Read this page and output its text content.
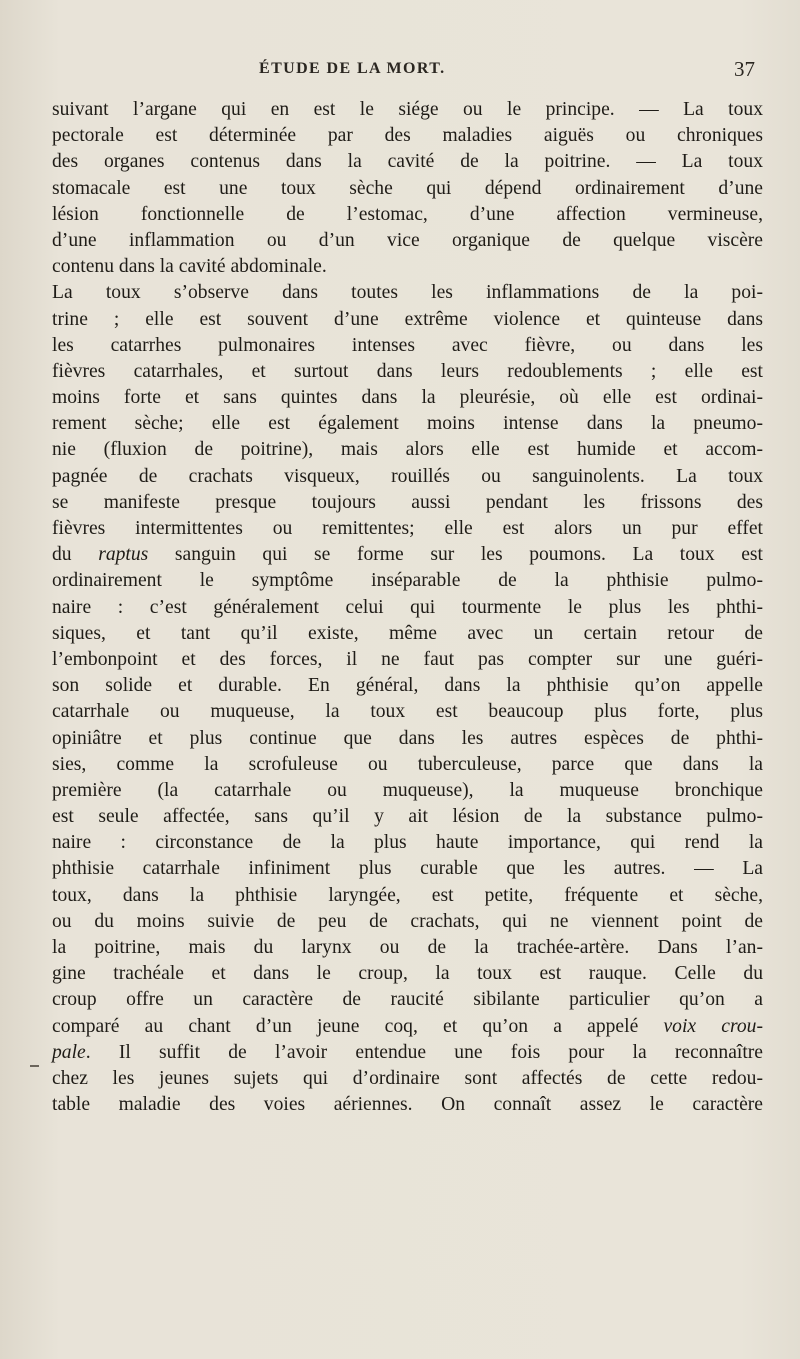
ÉTUDE DE LA MORT.	37
suivant l’argane qui en est le siége ou le principe. — La toux
pectorale est déterminée par des maladies aiguës ou chroniques
des organes contenus dans la cavité de la poitrine. — La toux
stomacale est une toux sèche qui dépend ordinairement d’une
lésion fonctionnelle de l’estomac, d’une affection vermineuse,
d’une inflammation ou d’un vice organique de quelque viscère
contenu dans la cavité abdominale.
La toux s’observe dans toutes les inflammations de la poi-
trine ; elle est souvent d’une extrême violence et quinteuse dans
les catarrhes pulmonaires intenses avec fièvre, ou dans les
fièvres catarrhales, et surtout dans leurs redoublements ; elle est
moins forte et sans quintes dans la pleurésie, où elle est ordinai-
rement sèche; elle est également moins intense dans la pneumo-
nie (fluxion de poitrine), mais alors elle est humide et accom-
pagnée de crachats visqueux, rouillés ou sanguinolents. La toux
se manifeste presque toujours aussi pendant les frissons des
fièvres intermittentes ou remittentes; elle est alors un pur effet
du raptus sanguin qui se forme sur les poumons. La toux est
ordinairement le symptôme inséparable de la phthisie pulmo-
naire : c’est généralement celui qui tourmente le plus les phthi-
siques, et tant qu’il existe, même avec un certain retour de
l’embonpoint et des forces, il ne faut pas compter sur une guéri-
son solide et durable. En général, dans la phthisie qu’on appelle
catarrhale ou muqueuse, la toux est beaucoup plus forte, plus
opiniâtre et plus continue que dans les autres espèces de phthi-
sies, comme la scrofuleuse ou tuberculeuse, parce que dans la
première (la catarrhale ou muqueuse), la muqueuse bronchique
est seule affectée, sans qu’il y ait lésion de la substance pulmo-
naire : circonstance de la plus haute importance, qui rend la
phthisie catarrhale infiniment plus curable que les autres. — La
toux, dans la phthisie laryngée, est petite, fréquente et sèche,
ou du moins suivie de peu de crachats, qui ne viennent point de
la poitrine, mais du larynx ou de la trachée-artère. Dans l’an-
gine trachéale et dans le croup, la toux est rauque. Celle du
croup offre un caractère de raucité sibilante particulier qu’on a
comparé au chant d’un jeune coq, et qu’on a appelé voix crou-
pale. Il suffit de l’avoir entendue une fois pour la reconnaître
chez les jeunes sujets qui d’ordinaire sont affectés de cette redou-
table maladie des voies aériennes. On connaît assez le caractère
